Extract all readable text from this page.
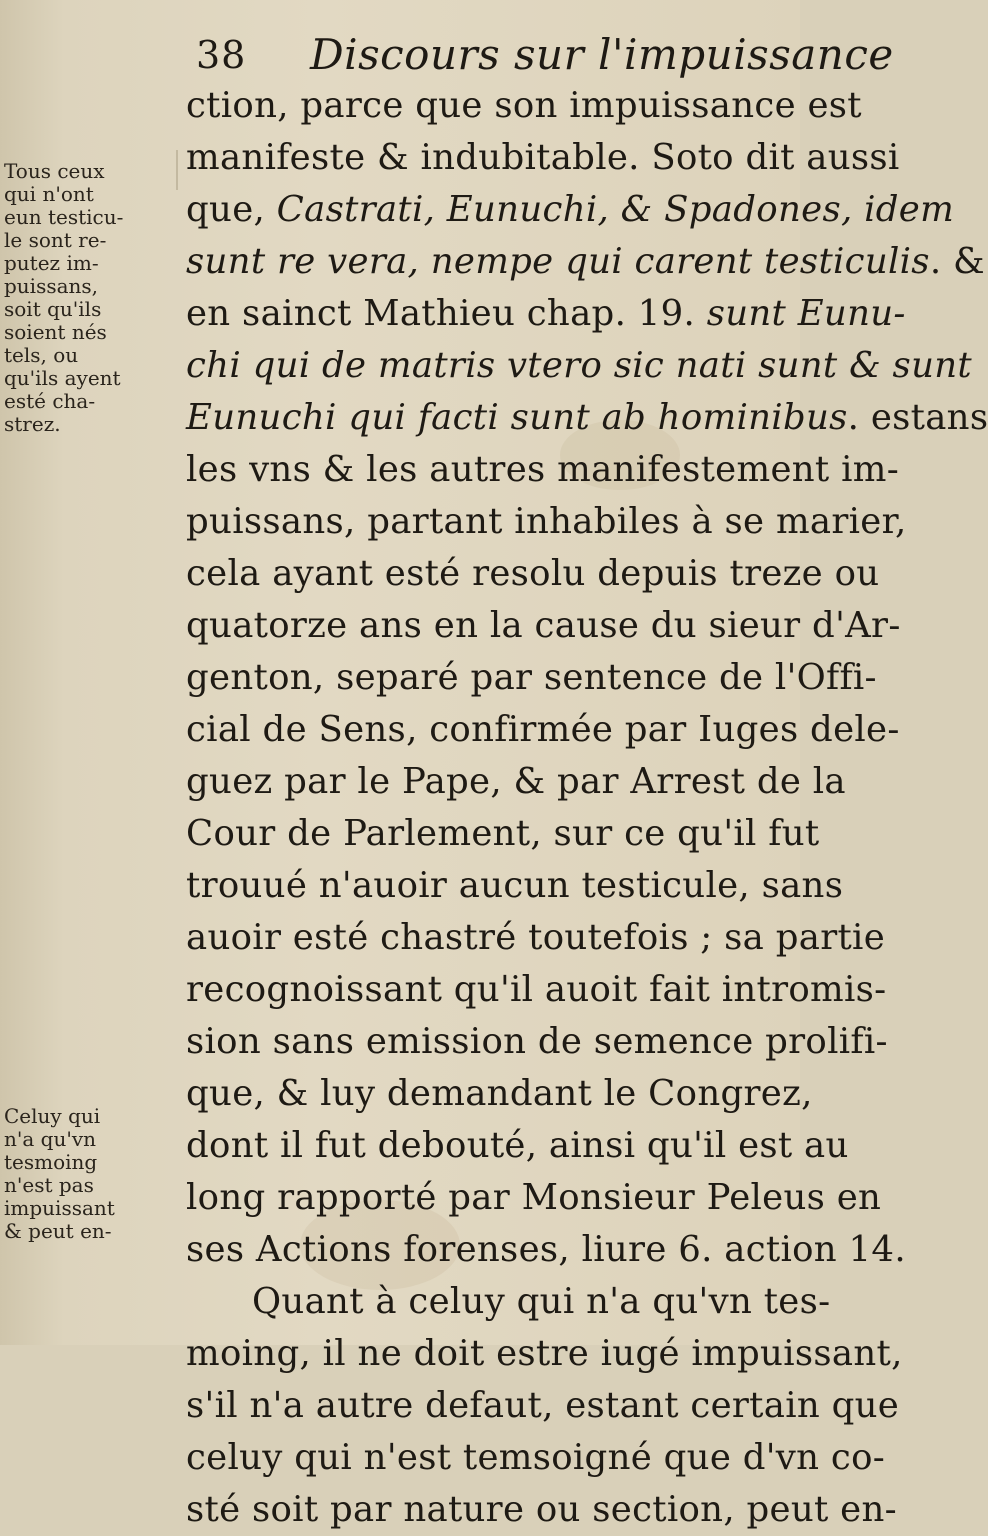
38 Discours sur l'impuissance
ction, parce que son impuissance est
manifeste & indubitable. Soto dit aussi
que, Castrati, Eunuchi, & Spadones, idem
sunt re vera, nempe qui carent testiculis. &
en sainct Mathieu chap. 19. sunt Eunu-
chi qui de matris vtero sic nati sunt & sunt
Eunuchi qui facti sunt ab hominibus. estans
les vns & les autres manifestement im-
puissans, partant inhabiles à se marier,
cela ayant esté resolu depuis treze ou
quatorze ans en la cause du sieur d'Ar-
genton, separé par sentence de l'Offi-
cial de Sens, confirmée par Iuges dele-
guez par le Pape, & par Arrest de la
Cour de Parlement, sur ce qu'il fut
trouué n'auoir aucun testicule, sans
auoir esté chastré toutefois ; sa partie
recognoissant qu'il auoit fait intromis-
sion sans emission de semence prolifi-
que, & luy demandant le Congrez,
dont il fut debouté, ainsi qu'il est au
long rapporté par Monsieur Peleus en
ses Actions forenses, liure 6. action 14.
Quant à celuy qui n'a qu'vn tes-
moing, il ne doit estre iugé impuissant,
s'il n'a autre defaut, estant certain que
celuy qui n'est temsoigné que d'vn co-
sté soit par nature ou section, peut en-
Tous ceux
qui n'ont
eun testicu-
le sont re-
putez im-
puissans,
soit qu'ils
soient nés
tels, ou
qu'ils ayent
esté cha-
strez.
Celuy qui
n'a qu'vn
tesmoing
n'est pas
impuissant
& peut en-
